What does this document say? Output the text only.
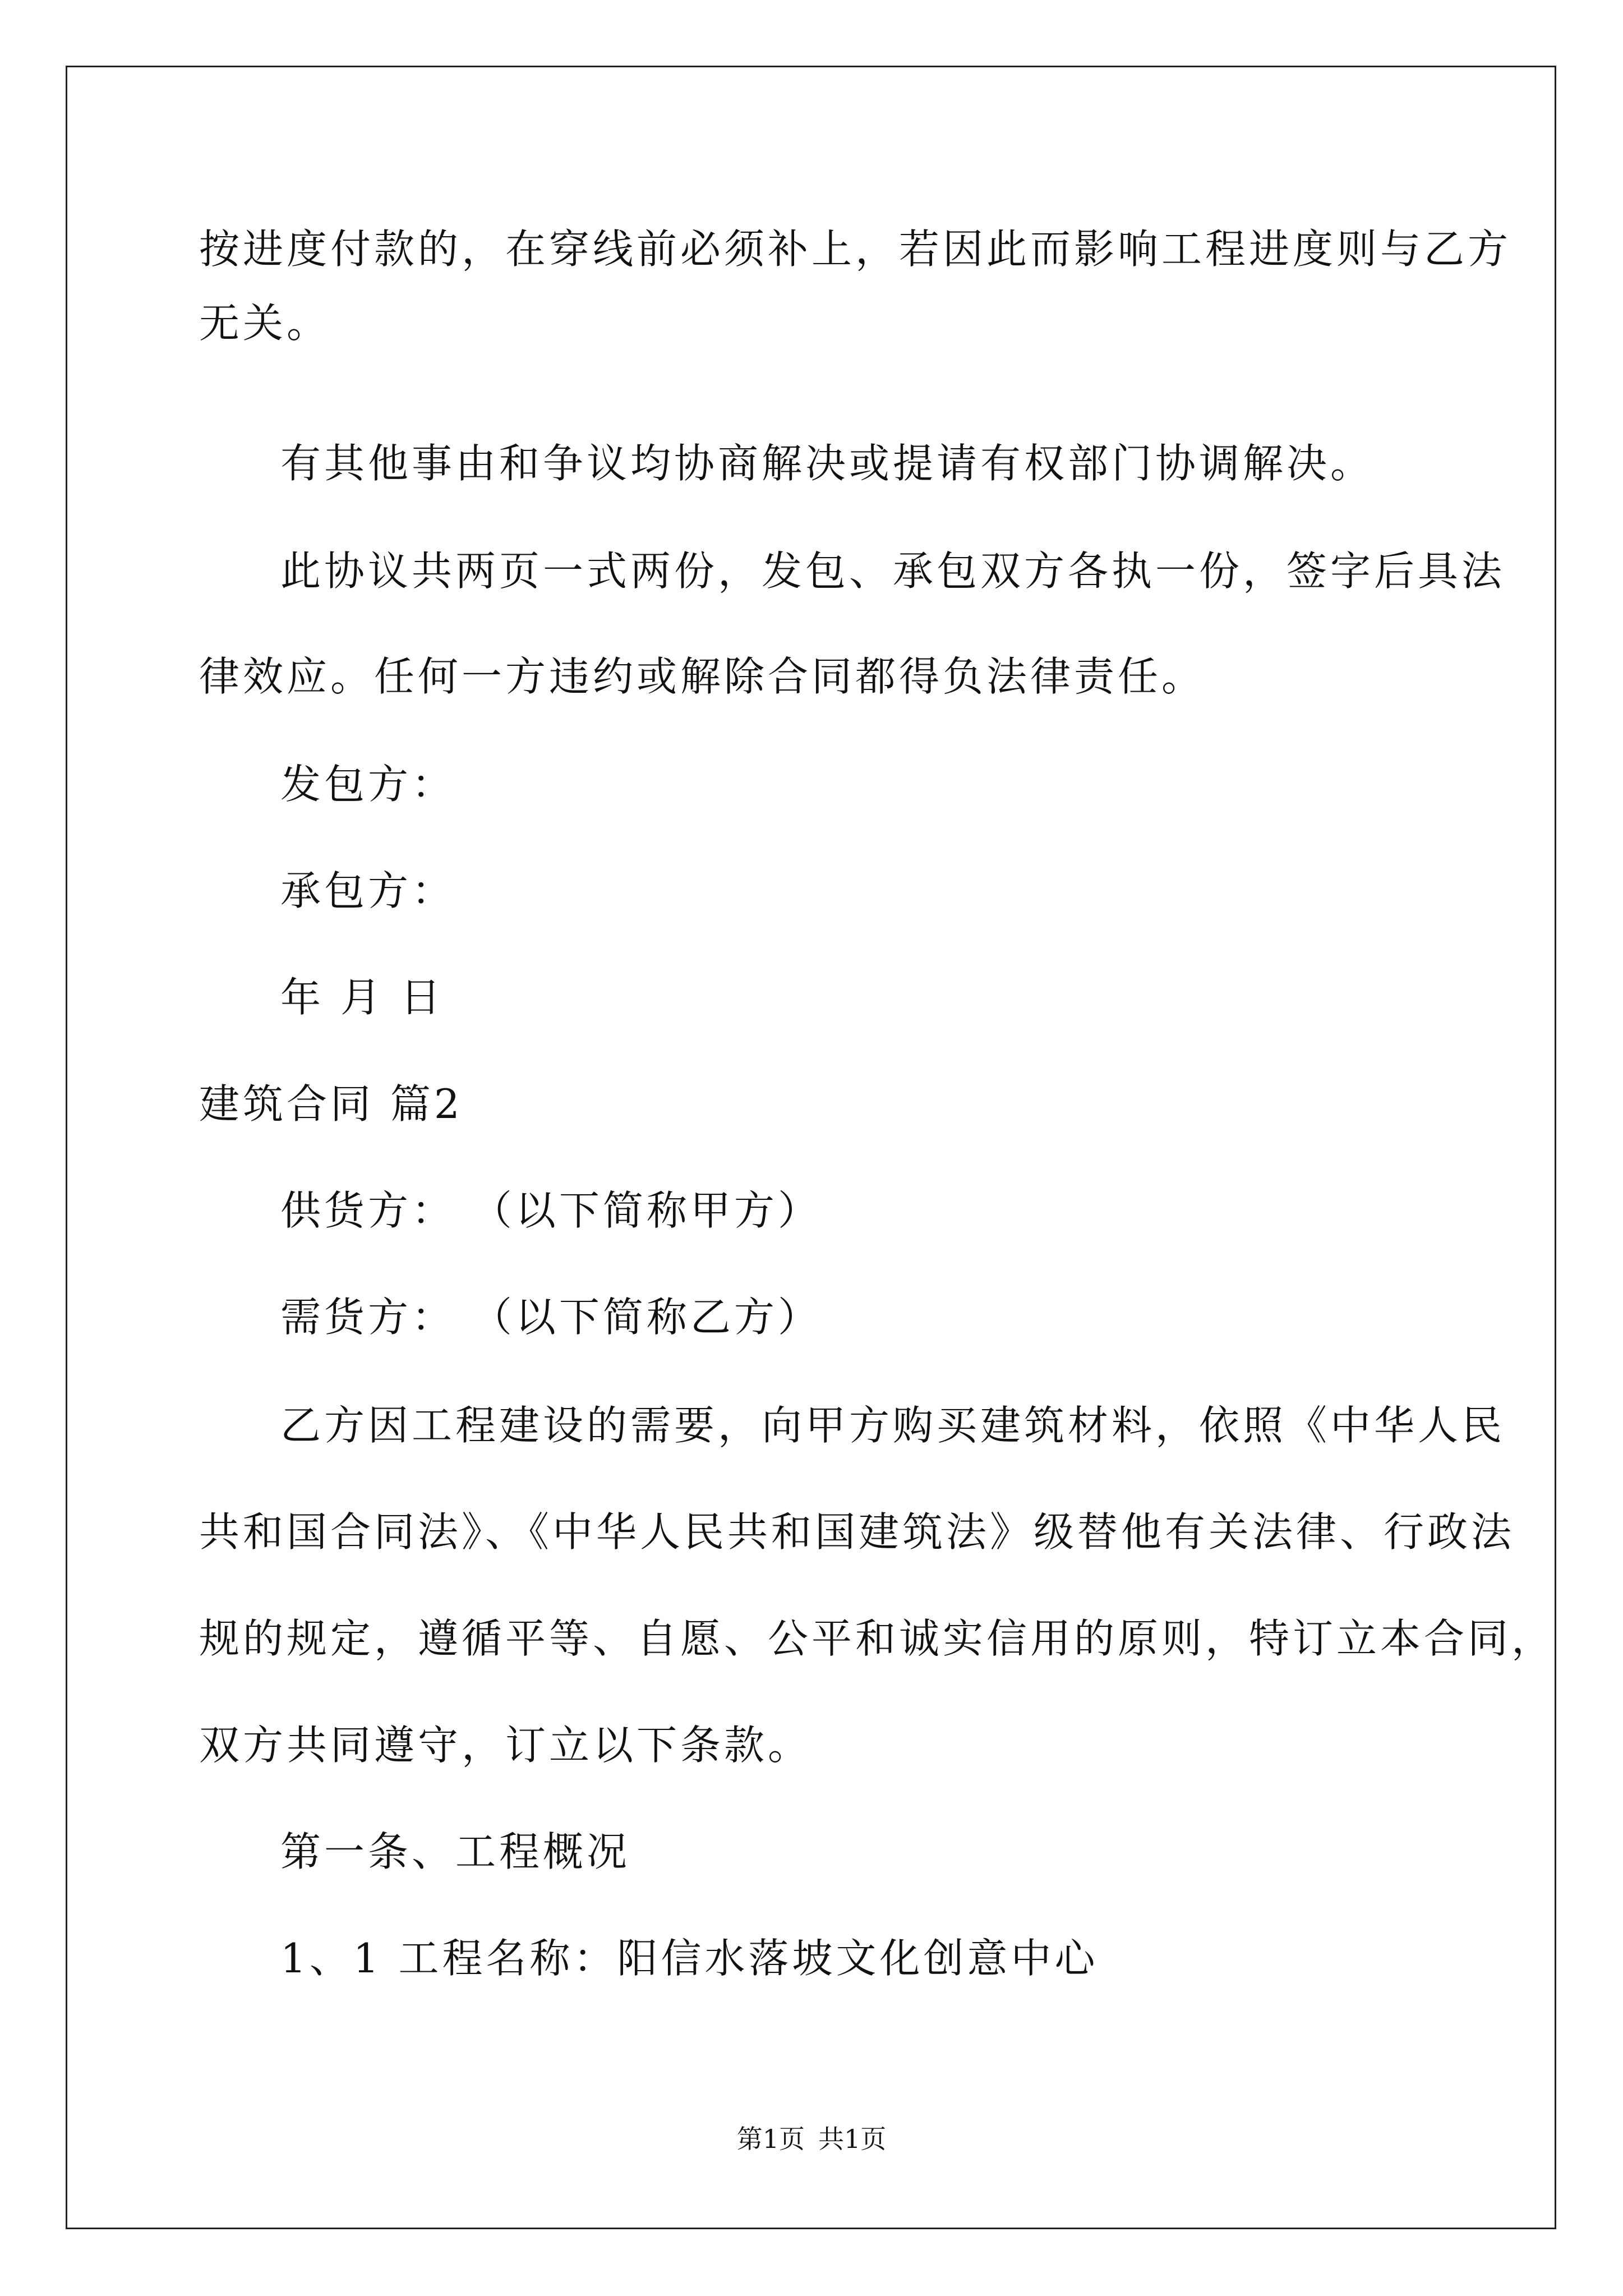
按进度付款的，在穿线前必须补上，若因此而影响工程进度则与乙方
无关。
有其他事由和争议均协商解决或提请有权部门协调解决。
此协议共两页一式两份，发包、承包双方各执一份，签字后具法
律效应。任何一方违约或解除合同都得负法律责任。
发包方：
承包方：
年 月 日
建筑合同 篇2
供货方： （以下简称甲方）
需货方： （以下简称乙方）
乙方因工程建设的需要，向甲方购买建筑材料，依照《中华人民
共和国合同法》、《中华人民共和国建筑法》级替他有关法律、行政法
规的规定，遵循平等、自愿、公平和诚实信用的原则，特订立本合同，
双方共同遵守，订立以下条款。
第一条、工程概况
1、1 工程名称：阳信水落坡文化创意中心
第1页 共1页
